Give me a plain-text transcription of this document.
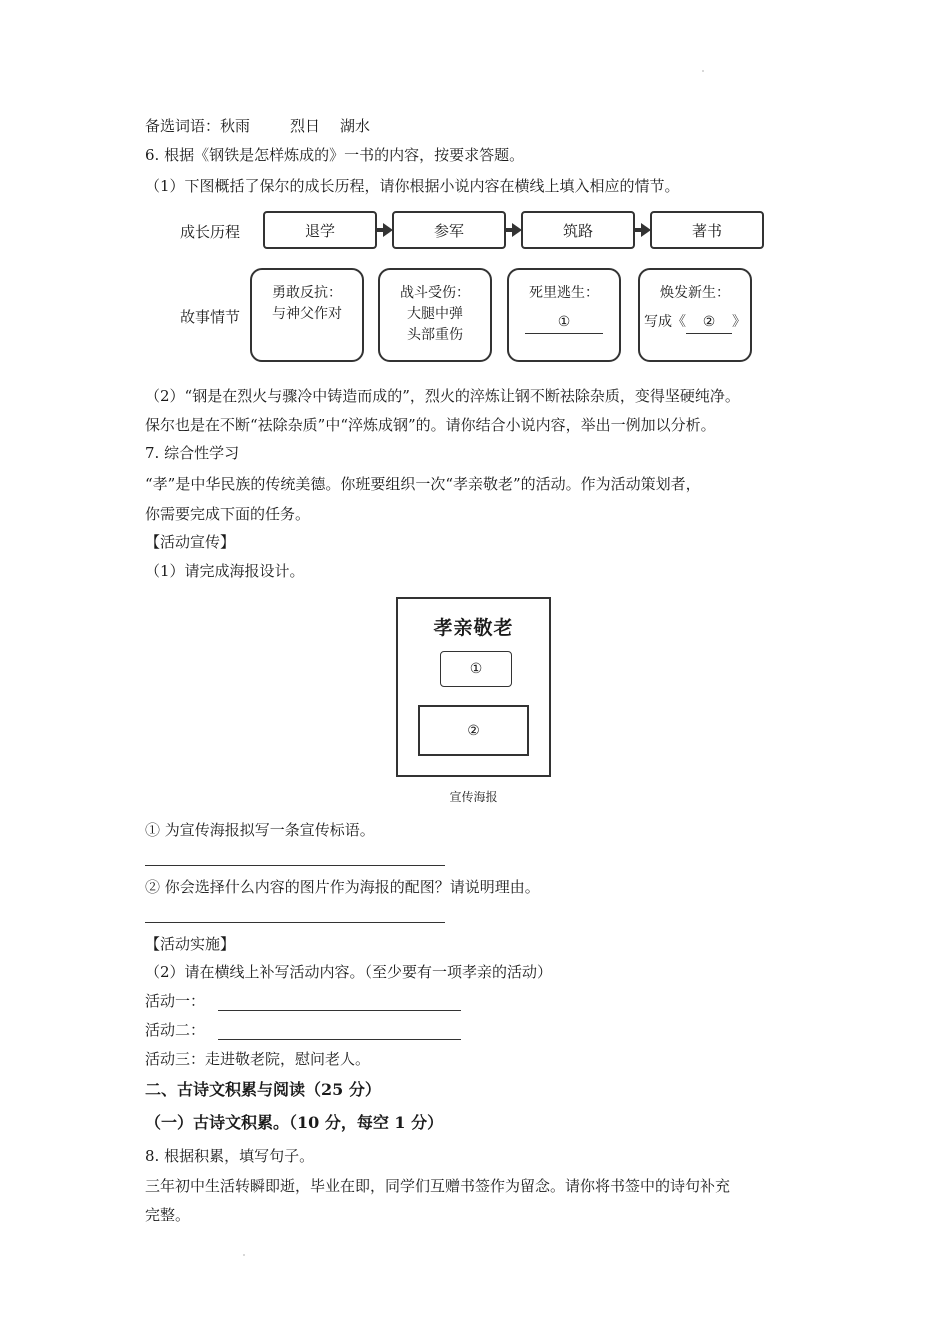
备选词语：秋雨	烈日 湖水
6. 根据《钢铁是怎样炼成的》一书的内容，按要求答题。
（1）下图概括了保尔的成长历程，请你根据小说内容在横线上填入相应的情节。
成长历程
故事情节
退学	参军	筑路	著书
勇敢反抗：
与神父作对
战斗受伤：
大腿中弹
头部重伤
死里逃生：
①
焕发新生：
写成《 ② 》
（2）“钢是在烈火与骤冷中铸造而成的”，烈火的淬炼让钢不断祛除杂质，变得坚硬纯净。
保尔也是在不断“祛除杂质”中“淬炼成钢”的。请你结合小说内容，举出一例加以分析。
7. 综合性学习
“孝”是中华民族的传统美德。你班要组织一次“孝亲敬老”的活动。作为活动策划者，
你需要完成下面的任务。
【活动宣传】
（1）请完成海报设计。
孝亲敬老
①
②
宣传海报
① 为宣传海报拟写一条宣传标语。
② 你会选择什么内容的图片作为海报的配图？请说明理由。
【活动实施】
（2）请在横线上补写活动内容。（至少要有一项孝亲的活动）
活动一：
活动二：
活动三：走进敬老院，慰问老人。
二、古诗文积累与阅读（25 分）
（一）古诗文积累。（10 分，每空 1 分）
8. 根据积累，填写句子。
三年初中生活转瞬即逝，毕业在即，同学们互赠书签作为留念。请你将书签中的诗句补充
完整。
